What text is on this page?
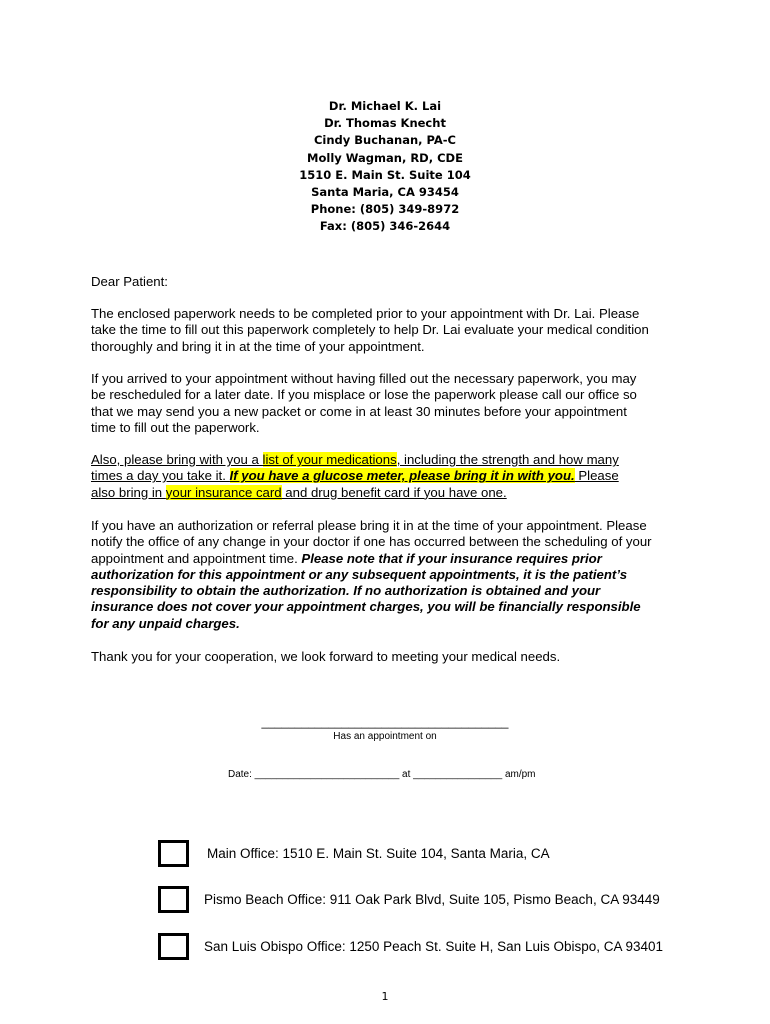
Dr. Michael K. Lai
Dr. Thomas Knecht
Cindy Buchanan, PA-C
Molly Wagman, RD, CDE
1510 E. Main St. Suite 104
Santa Maria, CA 93454
Phone: (805) 349-8972
Fax: (805) 346-2644
Dear Patient:
The enclosed paperwork needs to be completed prior to your appointment with Dr. Lai. Please
take the time to fill out this paperwork completely to help Dr. Lai evaluate your medical condition
thoroughly and bring it in at the time of your appointment.
If you arrived to your appointment without having filled out the necessary paperwork, you may
be rescheduled for a later date. If you misplace or lose the paperwork please call our office so
that we may send you a new packet or come in at least 30 minutes before your appointment
time to fill out the paperwork.
Also, please bring with you a list of your medications, including the strength and how many
times a day you take it. If you have a glucose meter, please bring it in with you. Please
also bring in your insurance card and drug benefit card if you have one.
If you have an authorization or referral please bring it in at the time of your appointment. Please
notify the office of any change in your doctor if one has occurred between the scheduling of your
appointment and appointment time. Please note that if your insurance requires prior
authorization for this appointment or any subsequent appointments, it is the patient’s
responsibility to obtain the authorization. If no authorization is obtained and your
insurance does not cover your appointment charges, you will be financially responsible
for any unpaid charges.
Thank you for your cooperation, we look forward to meeting your medical needs.
_____________________________________
Has an appointment on
Date: __________________________ at ________________ am/pm
Main Office: 1510 E. Main St. Suite 104, Santa Maria, CA
Pismo Beach Office: 911 Oak Park Blvd, Suite 105, Pismo Beach, CA 93449
San Luis Obispo Office: 1250 Peach St. Suite H, San Luis Obispo, CA 93401
1
